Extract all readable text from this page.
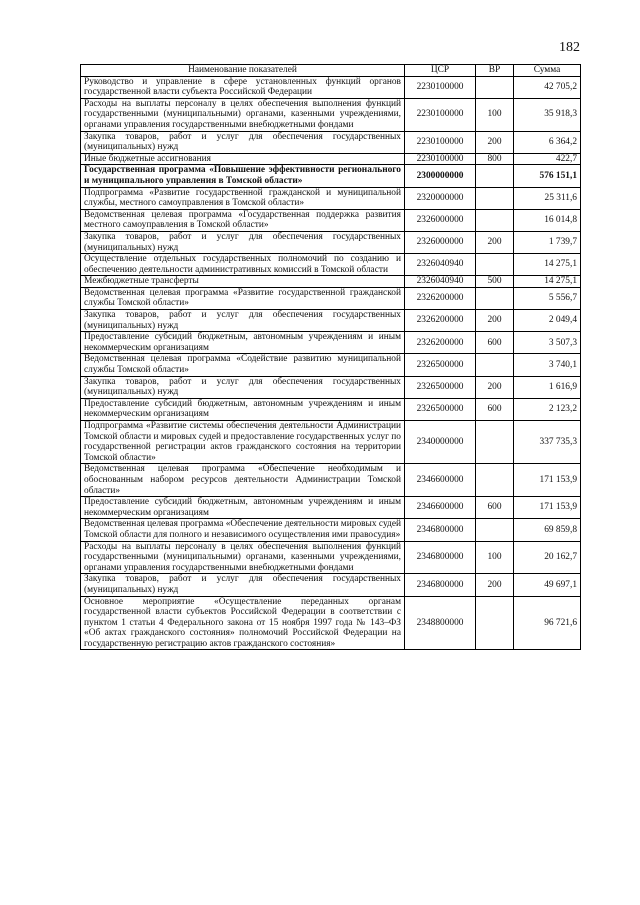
182
Наименование показателей	ЦСР	ВР	Сумма
Руководство и управление в сфере установленных функций органов государственной власти субъекта Российской Федерации	2230100000		42 705,2
Расходы на выплаты персоналу в целях обеспечения выполнения функций государственными (муниципальными) органами, казенными учреждениями, органами управления государственными внебюджетными фондами	2230100000	100	35 918,3
Закупка товаров, работ и услуг для обеспечения государственных (муниципальных) нужд	2230100000	200	6 364,2
Иные бюджетные ассигнования	2230100000	800	422,7
Государственная программа «Повышение эффективности регионального и муниципального управления в Томской области»	2300000000		576 151,1
Подпрограмма «Развитие государственной гражданской и муниципальной службы, местного самоуправления в Томской области»	2320000000		25 311,6
Ведомственная целевая программа «Государственная поддержка развития местного самоуправления в Томской области»	2326000000		16 014,8
Закупка товаров, работ и услуг для обеспечения государственных (муниципальных) нужд	2326000000	200	1 739,7
Осуществление отдельных государственных полномочий по созданию и обеспечению деятельности административных комиссий в Томской области	2326040940		14 275,1
Межбюджетные трансферты	2326040940	500	14 275,1
Ведомственная целевая программа «Развитие государственной гражданской службы Томской области»	2326200000		5 556,7
Закупка товаров, работ и услуг для обеспечения государственных (муниципальных) нужд	2326200000	200	2 049,4
Предоставление субсидий бюджетным, автономным учреждениям и иным некоммерческим организациям	2326200000	600	3 507,3
Ведомственная целевая программа «Содействие развитию муниципальной службы Томской области»	2326500000		3 740,1
Закупка товаров, работ и услуг для обеспечения государственных (муниципальных) нужд	2326500000	200	1 616,9
Предоставление субсидий бюджетным, автономным учреждениям и иным некоммерческим организациям	2326500000	600	2 123,2
Подпрограмма «Развитие системы обеспечения деятельности Администрации Томской области и мировых судей и предоставление государственных услуг по государственной регистрации актов гражданского состояния на территории Томской области»	2340000000		337 735,3
Ведомственная целевая программа «Обеспечение необходимым и обоснованным набором ресурсов деятельности Администрации Томской области»	2346600000		171 153,9
Предоставление субсидий бюджетным, автономным учреждениям и иным некоммерческим организациям	2346600000	600	171 153,9
Ведомственная целевая программа «Обеспечение деятельности мировых судей Томской области для полного и независимого осуществления ими правосудия»	2346800000		69 859,8
Расходы на выплаты персоналу в целях обеспечения выполнения функций государственными (муниципальными) органами, казенными учреждениями, органами управления государственными внебюджетными фондами	2346800000	100	20 162,7
Закупка товаров, работ и услуг для обеспечения государственных (муниципальных) нужд	2346800000	200	49 697,1
Основное мероприятие «Осуществление переданных органам государственной власти субъектов Российской Федерации в соответствии с пунктом 1 статьи 4 Федерального закона от 15 ноября 1997 года № 143–ФЗ «Об актах гражданского состояния» полномочий Российской Федерации на государственную регистрацию актов гражданского состояния»	2348800000		96 721,6
